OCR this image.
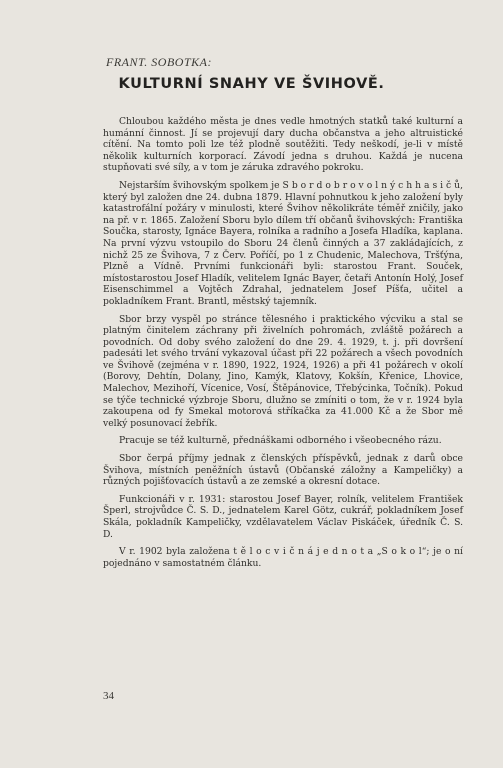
FRANT. SOBOTKA:
KULTURNÍ SNAHY VE ŠVIHOVĚ.

Chloubou každého města je dnes vedle hmotných statků také kulturní a humánní činnost. Jí se projevují dary ducha občanstva a jeho altruistické cítění. Na tomto poli lze též plodně soutěžiti. Tedy neškodí, je-li v místě několik kulturních korporací. Závodí jedna s druhou. Každá je nucena stupňovati své síly, a v tom je záruka zdravého pokroku.

Nejstarším švihovským spolkem je S b o r d o b r o v o l n ý c h h a s i č ů, který byl založen dne 24. dubna 1879. Hlavní pohnutkou k jeho založení byly katastrofální požáry v minulosti, které Švihov několikráte téměř zničily, jako na př. v r. 1865. Založení Sboru bylo dílem tří občanů švihovských: Františka Součka, starosty, Ignáce Bayera, rolníka a radního a Josefa Hladíka, kaplana. Na první výzvu vstoupilo do Sboru 24 členů činných a 37 zakládajících, z nichž 25 ze Švihova, 7 z Červ. Poříčí, po 1 z Chudenic, Malechova, Tršťýna, Plzně a Vídně. Prvními funkcionáři byli: starostou Frant. Souček, místostarostou Josef Hladík, velitelem Ignác Bayer, četaři Antonín Holý, Josef Eisenschimmel a Vojtěch Zdrahal, jednatelem Josef Píšťa, učitel a pokladníkem Frant. Brantl, městský tajemník.

Sbor brzy vyspěl po stránce tělesného i praktického výcviku a stal se platným činitelem záchrany při živelních pohromách, zvláště požárech a povodních. Od doby svého založení do dne 29. 4. 1929, t. j. při dovršení padesáti let svého trvání vykazoval účast při 22 požárech a všech povodních ve Švihově (zejména v r. 1890, 1922, 1924, 1926) a při 41 požárech v okolí (Borovy, Dehtín, Dolany, Jino, Kamýk, Klatovy, Kokšín, Křenice, Lhovice, Malechov, Mezihoří, Vícenice, Vosí, Štěpánovice, Třebýcinka, Točník). Pokud se týče technické výzbroje Sboru, dlužno se zmíniti o tom, že v r. 1924 byla zakoupena od fy Smekal motorová stříkačka za 41.000 Kč a že Sbor mě velký posunovací žebřík.

Pracuje se též kulturně, přednáškami odborného i všeobecného rázu.

Sbor čerpá příjmy jednak z členských příspěvků, jednak z darů obce Švihova, místních peněžních ústavů (Občanské záložny a Kampeličky) a různých pojišťovacích ústavů a ze zemské a okresní dotace.

Funkcionáři v r. 1931: starostou Josef Bayer, rolník, velitelem František Šperl, strojvůdce Č. S. D., jednatelem Karel Götz, cukrář, pokladníkem Josef Skála, pokladník Kampeličky, vzdělavatelem Václav Piskáček, úředník Č. S. D.

V r. 1902 byla založena t ě l o c v i č n á j e d n o t a „S o k o l“; je o ní pojednáno v samostatném článku.

34
